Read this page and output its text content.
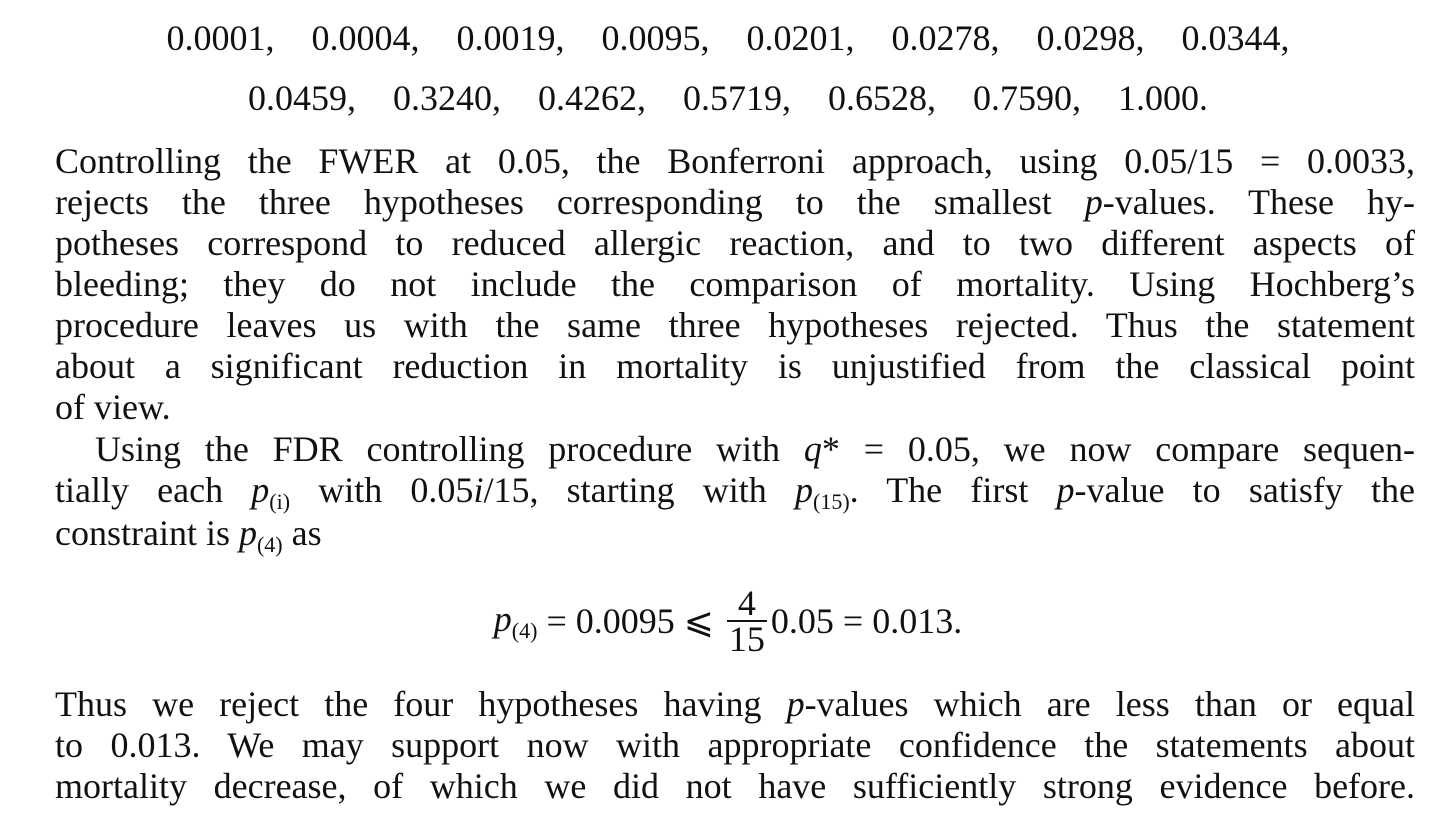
0.0001, 0.0004, 0.0019, 0.0095, 0.0201, 0.0278, 0.0298, 0.0344,
0.0459, 0.3240, 0.4262, 0.5719, 0.6528, 0.7590, 1.000.
Controlling the FWER at 0.05, the Bonferroni approach, using 0.05/15 = 0.0033,
rejects the three hypotheses corresponding to the smallest p-values. These hy-
potheses correspond to reduced allergic reaction, and to two different aspects of
bleeding; they do not include the comparison of mortality. Using Hochberg’s
procedure leaves us with the same three hypotheses rejected. Thus the statement
about a significant reduction in mortality is unjustified from the classical point
of view.
Using the FDR controlling procedure with q* = 0.05, we now compare sequen-
tially each $p_{(i)}$ with 0.05i/15, starting with $p_{(15)}$. The first p-value to satisfy the
constraint is $p_{(4)}$ as
$p_{(4)} = 0.0095$ ⩽ $\frac{4}{15} 0.05 = 0.013$.
Thus we reject the four hypotheses having p-values which are less than or equal
to 0.013. We may support now with appropriate confidence the statements about
mortality decrease, of which we did not have sufficiently strong evidence before.
